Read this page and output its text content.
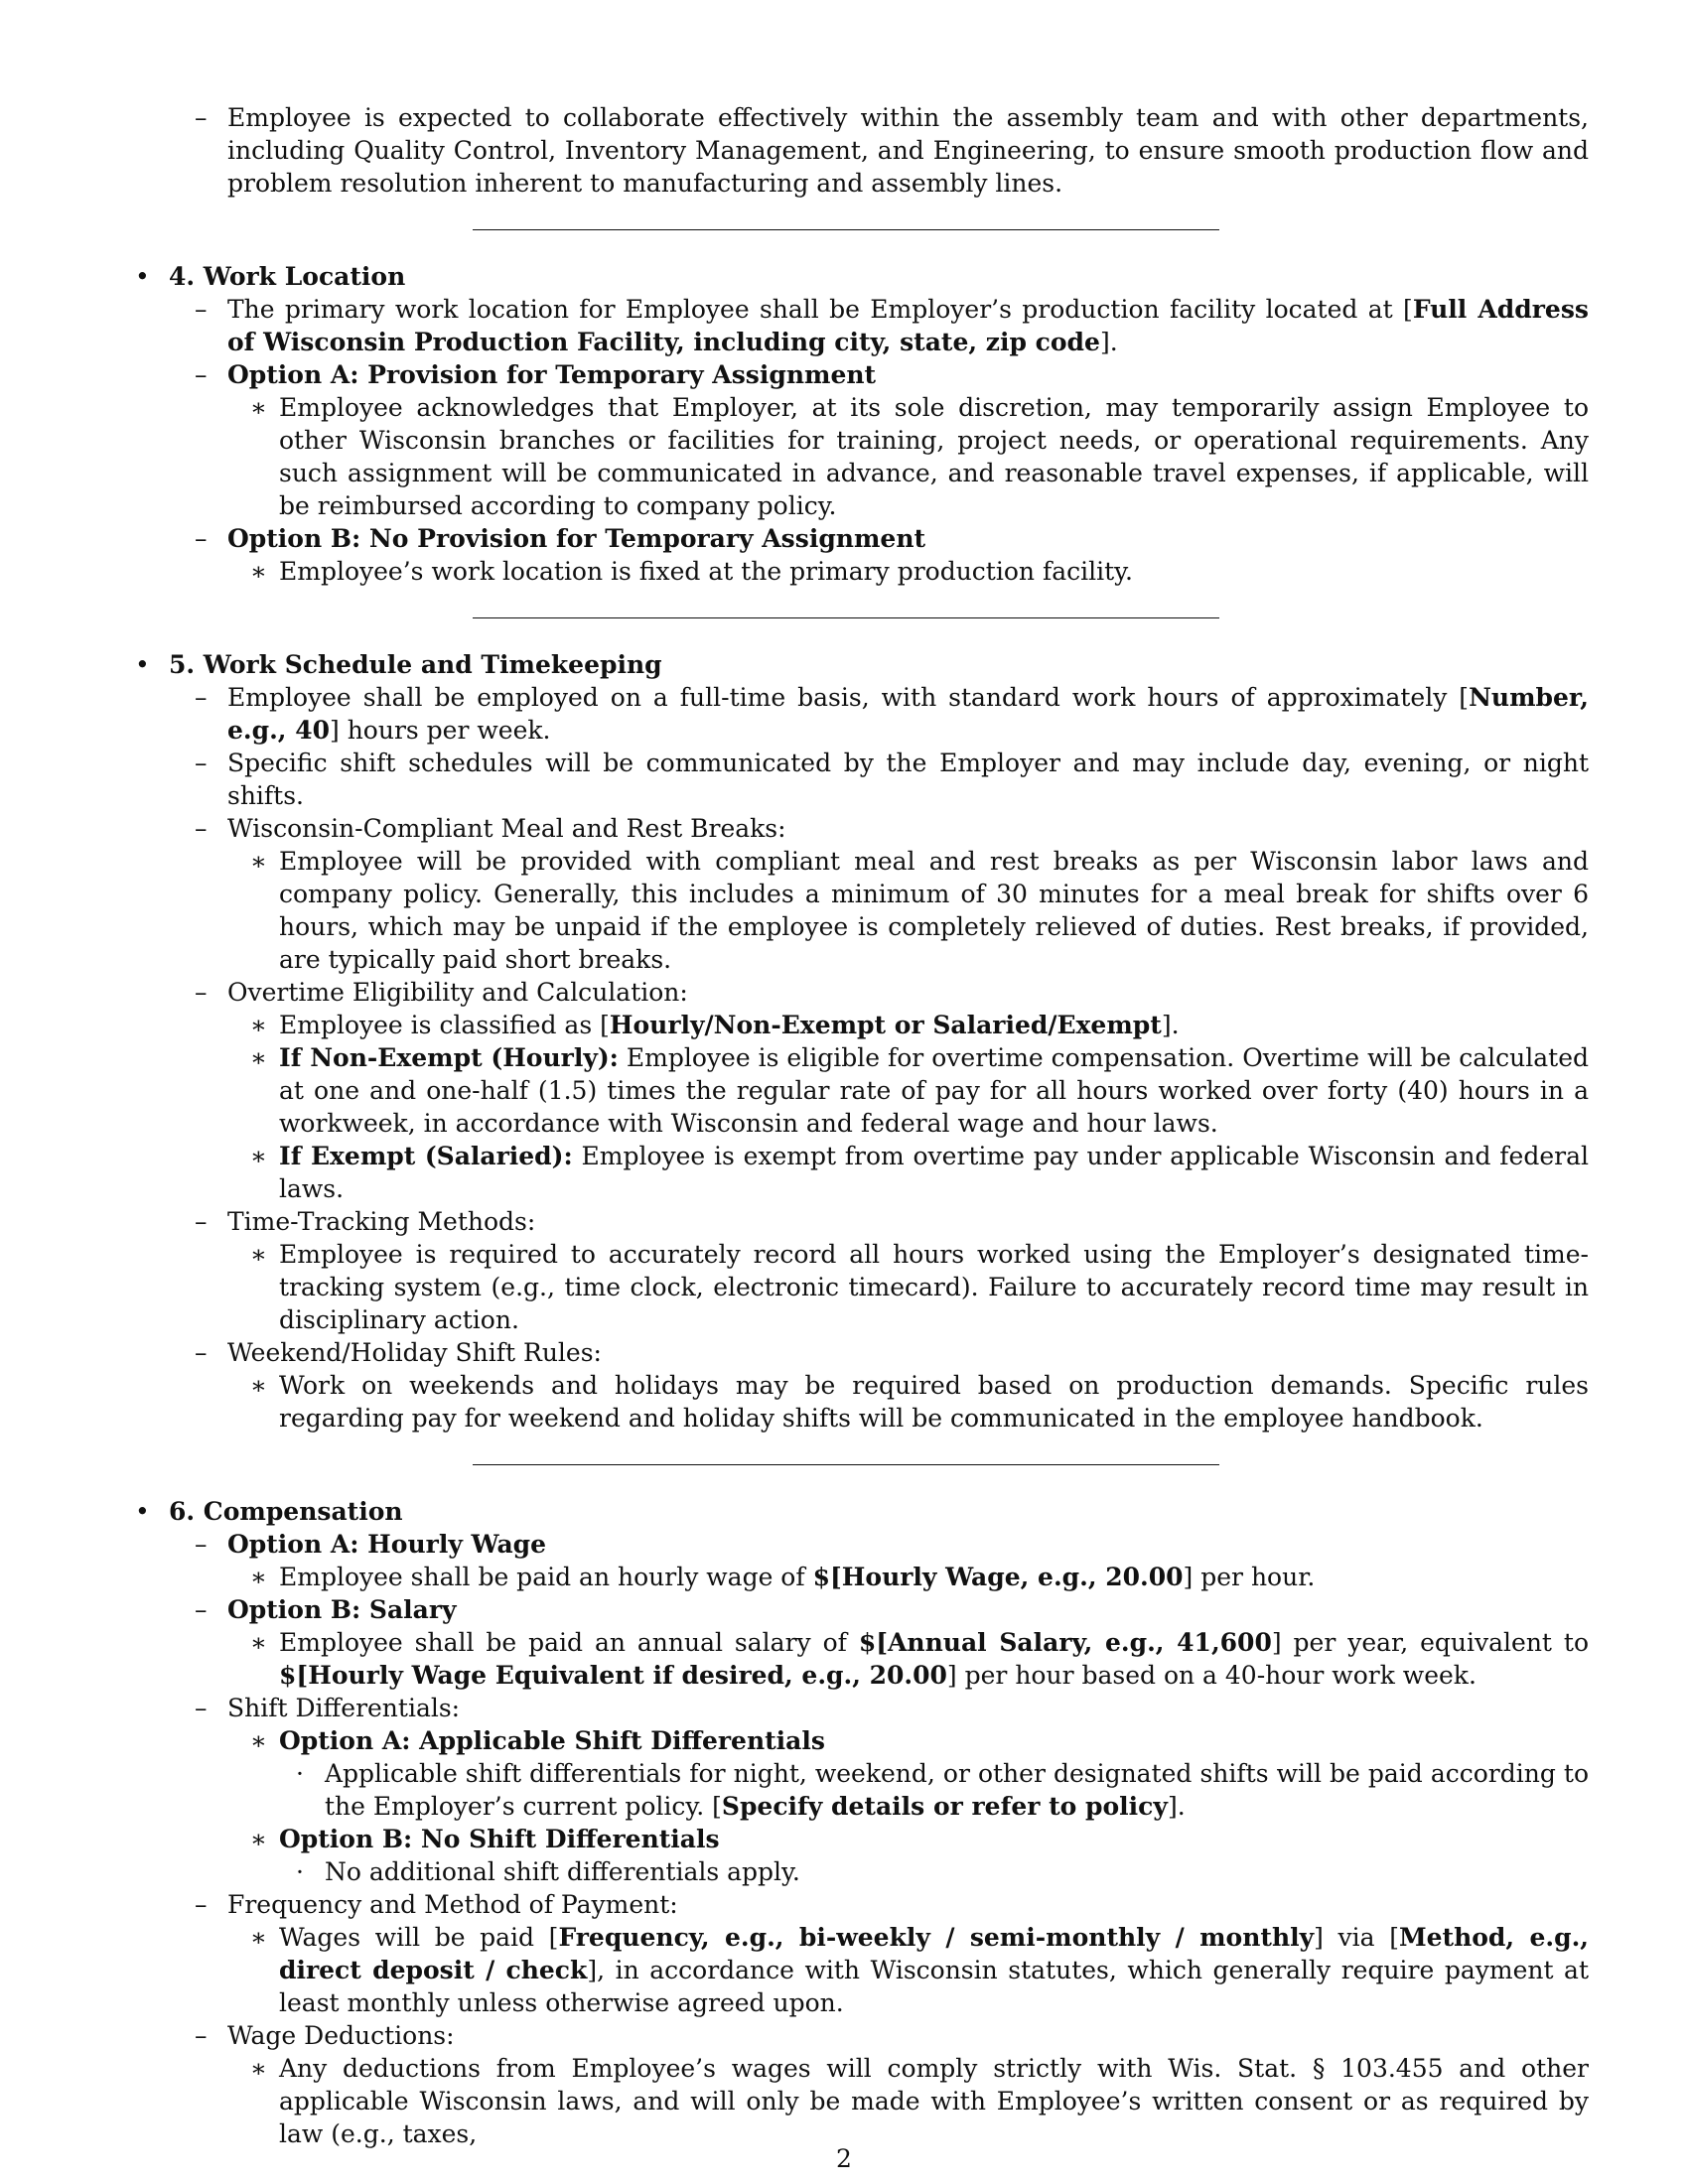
– Employee is expected to collaborate effectively within the assembly team and with other departments, including Quality Control, Inventory Management, and Engineering, to ensure smooth production flow and problem resolution inherent to manufacturing and assembly lines.
• 4. Work Location
– The primary work location for Employee shall be Employer’s production facility located at [Full Address of Wisconsin Production Facility, including city, state, zip code].
– Option A: Provision for Temporary Assignment
∗ Employee acknowledges that Employer, at its sole discretion, may temporarily assign Employee to other Wisconsin branches or facilities for training, project needs, or operational requirements. Any such assignment will be communicated in advance, and reasonable travel expenses, if applicable, will be reimbursed according to company policy.
– Option B: No Provision for Temporary Assignment
∗ Employee’s work location is fixed at the primary production facility.
• 5. Work Schedule and Timekeeping
– Employee shall be employed on a full-time basis, with standard work hours of approximately [Number, e.g., 40] hours per week.
– Specific shift schedules will be communicated by the Employer and may include day, evening, or night shifts.
– Wisconsin-Compliant Meal and Rest Breaks:
∗ Employee will be provided with compliant meal and rest breaks as per Wisconsin labor laws and company policy. Generally, this includes a minimum of 30 minutes for a meal break for shifts over 6 hours, which may be unpaid if the employee is completely relieved of duties. Rest breaks, if provided, are typically paid short breaks.
– Overtime Eligibility and Calculation:
∗ Employee is classified as [Hourly/Non-Exempt or Salaried/Exempt].
∗ If Non-Exempt (Hourly): Employee is eligible for overtime compensation. Overtime will be calculated at one and one-half (1.5) times the regular rate of pay for all hours worked over forty (40) hours in a workweek, in accordance with Wisconsin and federal wage and hour laws.
∗ If Exempt (Salaried): Employee is exempt from overtime pay under applicable Wisconsin and federal laws.
– Time-Tracking Methods:
∗ Employee is required to accurately record all hours worked using the Employer’s designated time-tracking system (e.g., time clock, electronic timecard). Failure to accurately record time may result in disciplinary action.
– Weekend/Holiday Shift Rules:
∗ Work on weekends and holidays may be required based on production demands. Specific rules regarding pay for weekend and holiday shifts will be communicated in the employee handbook.
• 6. Compensation
– Option A: Hourly Wage
∗ Employee shall be paid an hourly wage of $[Hourly Wage, e.g., 20.00] per hour.
– Option B: Salary
∗ Employee shall be paid an annual salary of $[Annual Salary, e.g., 41,600] per year, equivalent to $[Hourly Wage Equivalent if desired, e.g., 20.00] per hour based on a 40-hour work week.
– Shift Differentials:
∗ Option A: Applicable Shift Differentials
· Applicable shift differentials for night, weekend, or other designated shifts will be paid according to the Employer’s current policy. [Specify details or refer to policy].
∗ Option B: No Shift Differentials
· No additional shift differentials apply.
– Frequency and Method of Payment:
∗ Wages will be paid [Frequency, e.g., bi-weekly / semi-monthly / monthly] via [Method, e.g., direct deposit / check], in accordance with Wisconsin statutes, which generally require payment at least monthly unless otherwise agreed upon.
– Wage Deductions:
∗ Any deductions from Employee’s wages will comply strictly with Wis. Stat. § 103.455 and other applicable Wisconsin laws, and will only be made with Employee’s written consent or as required by law (e.g., taxes,
2
